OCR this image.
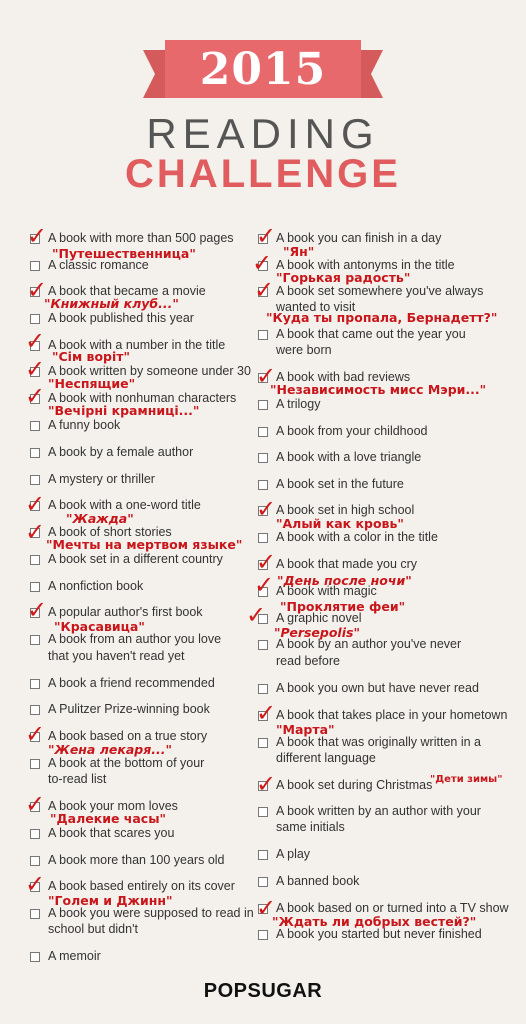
2015
READING
CHALLENGE
A book with more than 500 pages
A classic romance
A book that became a movie
A book published this year
A book with a number in the title
A book written by someone under 30
A book with nonhuman characters
A funny book
A book by a female author
A mystery or thriller
A book with a one-word title
A book of short stories
A book set in a different country
A nonfiction book
A popular author's first book
A book from an author you love
that you haven't read yet
A book a friend recommended
A Pulitzer Prize-winning book
A book based on a true story
A book at the bottom of your
to-read list
A book your mom loves
A book that scares you
A book more than 100 years old
A book based entirely on its cover
A book you were supposed to read in
school but didn't
A memoir
A book you can finish in a day
A book with antonyms in the title
A book set somewhere you've always
wanted to visit
A book that came out the year you
were born
A book with bad reviews
A trilogy
A book from your childhood
A book with a love triangle
A book set in the future
A book set in high school
A book with a color in the title
A book that made you cry
A book with magic
A graphic novel
A book by an author you've never
read before
A book you own but have never read
A book that takes place in your hometown
A book that was originally written in a
different language
A book set during Christmas
A book written by an author with your
same initials
A play
A banned book
A book based on or turned into a TV show
A book you started but never finished
✓
✓
✓
✓
✓
✓
✓
✓
✓
✓
✓
✓
✓
✓
✓
✓
✓
✓
✓
✓
✓
✓
"Путешественница"
"Книжный клуб..."
"Сім воріт"
"Неспящие"
"Вечірні крамниці..."
"Жажда"
"Мечты на мертвом языке"
"Красавица"
"Жена лекаря..."
"Далекие часы"
"Голем и Джинн"
"Ян"
"Горькая радость"
"Куда ты пропала, Бернадетт?"
"Независимость мисс Мэри..."
"Алый как кровь"
"День после ночи"
"Проклятие феи"
"Persepolis"
"Марта"
"Дети зимы"
"Ждать ли добрых вестей?"
POPSUGAR
